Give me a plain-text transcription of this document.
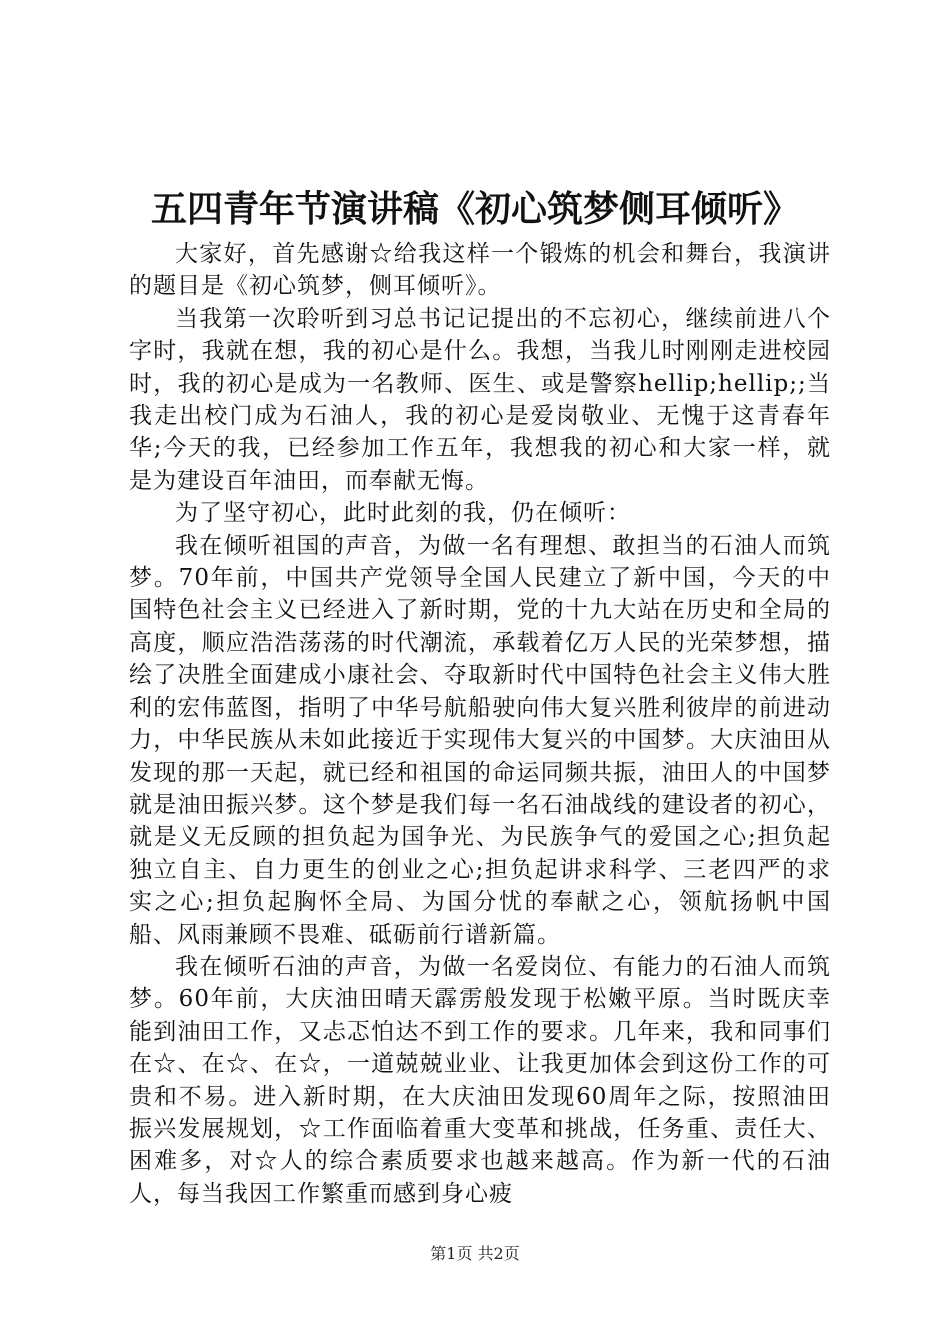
五四青年节演讲稿《初心筑梦侧耳倾听》

大家好，首先感谢☆给我这样一个锻炼的机会和舞台，我演讲的题目是《初心筑梦，侧耳倾听》。

当我第一次聆听到习总书记记提出的不忘初心，继续前进八个字时，我就在想，我的初心是什么。我想，当我儿时刚刚走进校园时，我的初心是成为一名教师、医生、或是警察hellip;hellip;;当我走出校门成为石油人，我的初心是爱岗敬业、无愧于这青春年华;今天的我，已经参加工作五年，我想我的初心和大家一样，就是为建设百年油田，而奉献无悔。

为了坚守初心，此时此刻的我，仍在倾听：

我在倾听祖国的声音，为做一名有理想、敢担当的石油人而筑梦。70年前，中国共产党领导全国人民建立了新中国，今天的中国特色社会主义已经进入了新时期，党的十九大站在历史和全局的高度，顺应浩浩荡荡的时代潮流，承载着亿万人民的光荣梦想，描绘了决胜全面建成小康社会、夺取新时代中国特色社会主义伟大胜利的宏伟蓝图，指明了中华号航船驶向伟大复兴胜利彼岸的前进动力，中华民族从未如此接近于实现伟大复兴的中国梦。大庆油田从发现的那一天起，就已经和祖国的命运同频共振，油田人的中国梦就是油田振兴梦。这个梦是我们每一名石油战线的建设者的初心，就是义无反顾的担负起为国争光、为民族争气的爱国之心;担负起独立自主、自力更生的创业之心;担负起讲求科学、三老四严的求实之心;担负起胸怀全局、为国分忧的奉献之心，领航扬帆中国船、风雨兼顾不畏难、砥砺前行谱新篇。

我在倾听石油的声音，为做一名爱岗位、有能力的石油人而筑梦。60年前，大庆油田晴天霹雳般发现于松嫩平原。当时既庆幸能到油田工作，又忐忑怕达不到工作的要求。几年来，我和同事们在☆、在☆、在☆，一道兢兢业业、让我更加体会到这份工作的可贵和不易。进入新时期，在大庆油田发现60周年之际，按照油田振兴发展规划，☆工作面临着重大变革和挑战，任务重、责任大、困难多，对☆人的综合素质要求也越来越高。作为新一代的石油人，每当我因工作繁重而感到身心疲

第1页 共2页
